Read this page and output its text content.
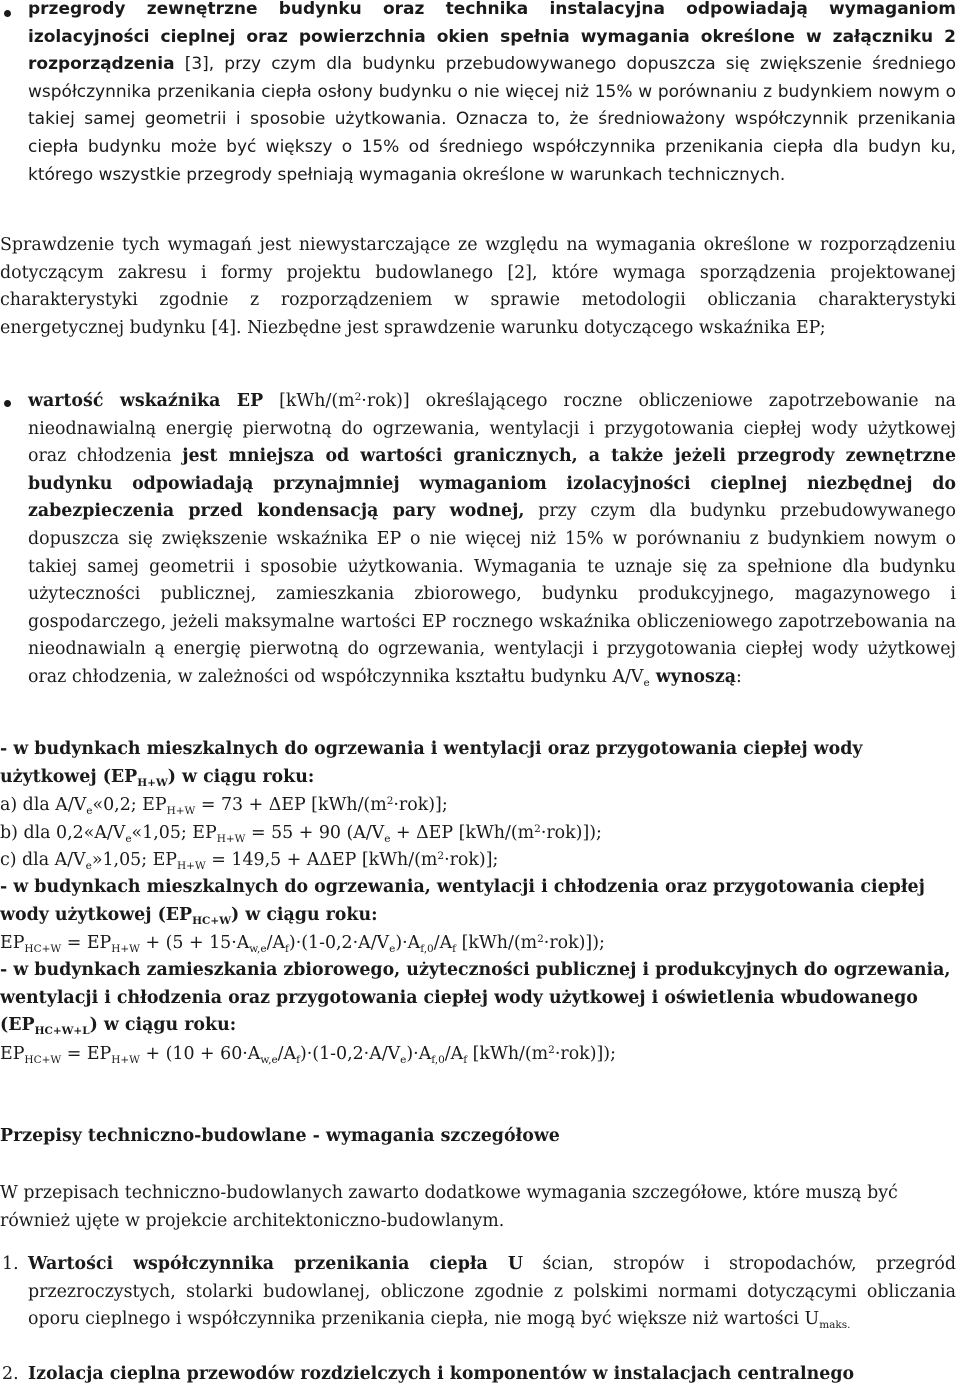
przegrody zewnętrzne budynku oraz technika instalacyjna odpowiadają wymaganiom izolacyjności cieplnej oraz powierzchnia okien spełnia wymagania określone w załączniku 2 rozporządzenia [3], przy czym dla budynku przebudowywanego dopuszcza się zwiększenie średniego współczynnika przenikania ciepła osłony budynku o nie więcej niż 15% w porównaniu z budynkiem nowym o takiej samej geometrii i sposobie użytkowania. Oznacza to, że średnioważony współczynnik przenikania ciepła budynku może być większy o 15% od średniego współczynnika przenikania ciepła dla budyn ku, którego wszystkie przegrody spełniają wymagania określone w warunkach technicznych.
Sprawdzenie tych wymagań jest niewystarczające ze względu na wymagania określone w rozporządzeniu dotyczącym zakresu i formy projektu budowlanego [2], które wymaga sporządzenia projektowanej charakterystyki zgodnie z rozporządzeniem w sprawie metodologii obliczania charakterystyki energetycznej budynku [4]. Niezbędne jest sprawdzenie warunku dotyczącego wskaźnika EP;
wartość wskaźnika EP $[kWh/(m^2\cdot rok)]$ określającego roczne obliczeniowe zapotrzebowanie na nieodnawialną energię pierwotną do ogrzewania, wentylacji i przygotowania ciepłej wody użytkowej oraz chłodzenia jest mniejsza od wartości granicznych, a także jeżeli przegrody zewnętrzne budynku odpowiadają przynajmniej wymaganiom izolacyjności cieplnej niezbędnej do zabezpieczenia przed kondensacją pary wodnej, przy czym dla budynku przebudowywanego dopuszcza się zwiększenie wskaźnika EP o nie więcej niż 15% w porównaniu z budynkiem nowym o takiej samej geometrii i sposobie użytkowania. Wymagania te uznaje się za spełnione dla budynku użyteczności publicznej, zamieszkania zbiorowego, budynku produkcyjnego, magazynowego i gospodarczego, jeżeli maksymalne wartości EP rocznego wskaźnika obliczeniowego zapotrzebowania na nieodnawialn ą energię pierwotną do ogrzewania, wentylacji i przygotowania ciepłej wody użytkowej oraz chłodzenia, w zależności od współczynnika kształtu budynku $A/V_e$ wynoszą:
- w budynkach mieszkalnych do ogrzewania i wentylacji oraz przygotowania ciepłej wody użytkowej $(EP_{H+W})$ w ciągu roku:
a) dla $A/V_e«0,2$; $EP_{H+W} = 73 + \Delta EP$ $[kWh/(m^2\cdot rok)]$;
b) dla $0,2«A/V_e«1,05$; $EP_{H+W} = 55 + 90$ ($A/V_e + \Delta EP$ $[kWh/(m^2\cdot rok)]$);
c) dla $A/V_e»1,05$; $EP_{H+W} = 149,5 + A\Delta EP$ $[kWh/(m^2\cdot rok)]$;
- w budynkach mieszkalnych do ogrzewania, wentylacji i chłodzenia oraz przygotowania ciepłej wody użytkowej $(EP_{HC+W})$ w ciągu roku:
$EP_{HC+W} = EP_{H+W} + (5 + 15\cdot A_{w,e}/A_f)\cdot(1-0,2\cdot A/V_e)\cdot A_{f,0}/A_f$ $[kWh/(m^2\cdot rok)]$);
- w budynkach zamieszkania zbiorowego, użyteczności publicznej i produkcyjnych do ogrzewania, wentylacji i chłodzenia oraz przygotowania ciepłej wody użytkowej i oświetlenia wbudowanego $(EP_{HC+W+L})$ w ciągu roku:
$EP_{HC+W} = EP_{H+W} + (10 + 60\cdot A_{w,e}/A_f)\cdot(1-0,2\cdot A/V_e)\cdot A_{f,0}/A_f$ $[kWh/(m^2\cdot rok)]$);
Przepisy techniczno-budowlane - wymagania szczegółowe
W przepisach techniczno-budowlanych zawarto dodatkowe wymagania szczegółowe, które muszą być również ujęte w projekcie architektoniczno-budowlanym.
1. Wartości współczynnika przenikania ciepła U ścian, stropów i stropodachów, przegród przezroczystych, stolarki budowlanej, obliczone zgodnie z polskimi normami dotyczącymi obliczania oporu cieplnego i współczynnika przenikania ciepła, nie mogą być większe niż wartości $U_{maks.}$
2. Izolacja cieplna przewodów rozdzielczych i komponentów w instalacjach centralnego
